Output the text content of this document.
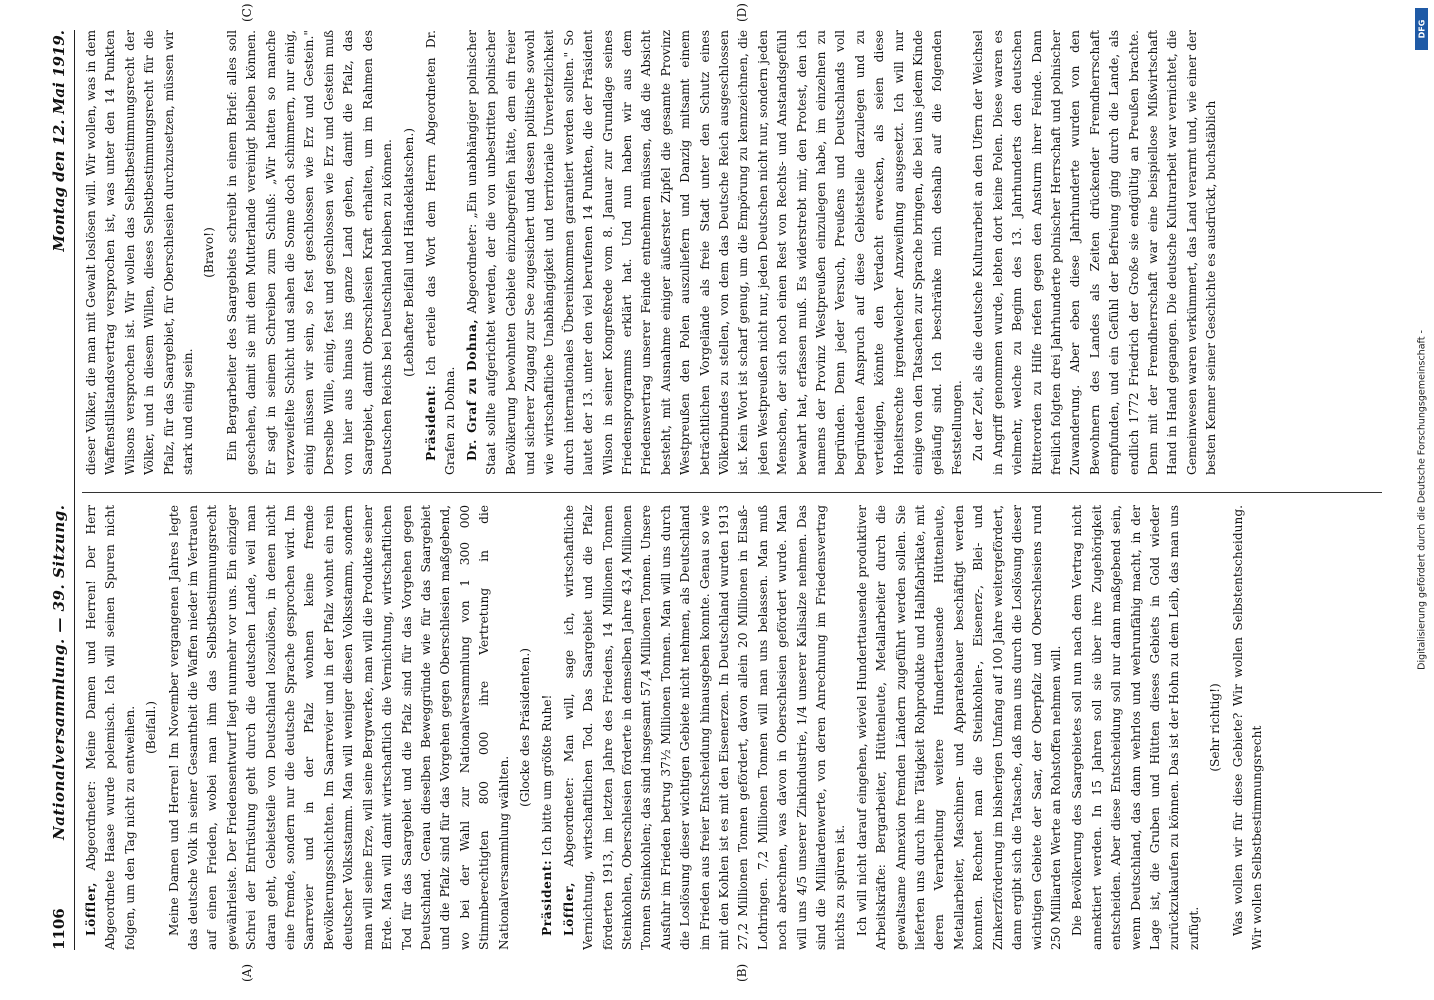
1106
Nationalversammlung. — 39. Sitzung.
Montag den 12. Mai 1919.
(A)	(B)
(C)	(D)

Löffler, Abgeordneter: Meine Damen und Herren! Der Herr Abgeordnete Haase wurde polemisch. Ich will seinen Spuren nicht folgen, um den Tag nicht zu entweihen. (Beifall.) Meine Damen und Herren! Im November vergangenen Jahres legte das deutsche Volk in seiner Gesamtheit die Waffen nieder im Vertrauen auf einen Frieden, wobei man ihm das Selbstbestimmungsrecht gewährleiste. Der Friedensentwurf liegt nunmehr vor uns. Ein einziger Schrei der Entrüstung geht durch die deutschen Lande, weil man daran geht, Gebietsteile von Deutschland loszulösen, in denen nicht eine fremde, sondern nur die deutsche Sprache gesprochen wird. Im Saarrevier und in der Pfalz wohnen keine fremde Bevölkerungsschichten. Im Saarrevier und in der Pfalz wohnt ein rein deutscher Volksstamm. Man will weniger diesen Volksstamm, sondern man will seine Erze, will seine Bergwerke, man will die Produkte seiner Erde. Man will damit wirtschaftlich die Vernichtung, wirtschaftlichen Tod für das Saargebiet und die Pfalz sind für das Vorgehen gegen Deutschland. Genau dieselben Beweggründe wie für das Saargebiet und die Pfalz sind für das Vorgehen gegen Oberschlesien maßgebend, wo bei der Wahl zur Nationalversammlung von 1 300 000 Stimmberechtigten 800 000 ihre Vertretung in die Nationalversammlung wählten.

(Glocke des Präsidenten.)

Präsident: Ich bitte um größte Ruhe!

Löffler, Abgeordneter: Man will, sage ich, wirtschaftliche Vernichtung, wirtschaftlichen Tod. Das Saargebiet und die Pfalz förderten 1913, im letzten Jahre des Friedens, 14 Millionen Tonnen Steinkohlen, Oberschlesien förderte in demselben Jahre 43,4 Millionen Tonnen Steinkohlen; das sind insgesamt 57,4 Millionen Tonnen. Unsere Ausfuhr im Frieden betrug 37½ Millionen Tonnen. Man will uns durch die Loslösung dieser wichtigen Gebiete nicht nehmen, als Deutschland im Frieden aus freier Entscheidung hinausgeben konnte. Genau so wie mit den Kohlen ist es mit den Eisenerzen. In Deutschland wurden 1913 27,2 Millionen Tonnen gefördert, davon allein 20 Millionen in Elsaß-Lothringen. 7,2 Millionen Tonnen will man uns belassen. Man muß noch abrechnen, was davon in Oberschlesien gefördert wurde. Man will uns 4/5 unserer Zinkindustrie, 1/4 unserer Kalisalze nehmen. Das sind die Milliardenwerte, von deren Anrechnung im Friedensvertrag nichts zu spüren ist. Ich will nicht darauf eingehen, wieviel Hunderttausende produktiver Arbeitskräfte: Bergarbeiter, Hüttenleute, Metallarbeiter durch die gewaltsame Annexion fremden Ländern zugeführt werden sollen. Sie lieferten uns durch ihre Tätigkeit Rohprodukte und Halbfabrikate, mit deren Verarbeitung weitere Hunderttausende Hüttenleute, Metallarbeiter, Maschinen- und Apparatebauer beschäftigt werden konnten. Rechnet man die Steinkohlen-, Eisenerz-, Blei- und Zinkerzförderung im bisherigen Umfang auf 100 Jahre weitergefördert, dann ergibt sich die Tatsache, daß man uns durch die Loslösung dieser wichtigen Gebiete der Saar, der Oberpfalz und Oberschlesiens rund 250 Milliarden Werte an Rohstoffen nehmen will. Die Bevölkerung des Saargebietes soll nun nach dem Vertrag nicht annektiert werden. In 15 Jahren soll sie über ihre Zugehörigkeit entscheiden. Aber diese Entscheidung soll nur dann maßgebend sein, wenn Deutschland, das dann wehrlos und wehrunfähig macht, in der Lage ist, die Gruben und Hütten dieses Gebiets in Gold wieder zurückzukaufen zu können. Das ist der Hohn zu dem Leib, das man uns zufügt.

(Sehr richtig!) Was wollen wir für diese Gebiete? Wir wollen Selbstentscheidung. Wir wollen Selbstbestimmungsrecht

dieser Völker, die man mit Gewalt loslösen will. Wir wollen, was in dem Waffenstillstandsvertrag versprochen ist, was unter den 14 Punkten Wilsons versprochen ist. Wir wollen das Selbstbestimmungsrecht der Völker, und in diesem Willen, dieses Selbstbestimmungsrecht für die Pfalz, für das Saargebiet, für Oberschlesien durchzusetzen, müssen wir stark und einig sein.

(Bravo!) Ein Bergarbeiter des Saargebiets schreibt in einem Brief: alles soll geschehen, damit sie mit dem Mutterlande vereinigt bleiben können. Er sagt in seinem Schreiben zum Schluß: „Wir hatten so manche verzweifelte Schicht und sahen die Sonne doch schimmern, nur einig, einig müssen wir sein, so fest geschlossen wie Erz und Gestein." Derselbe Wille, einig, fest und geschlossen wie Erz und Gestein muß von hier aus hinaus ins ganze Land gehen, damit die Pfalz, das Saargebiet, damit Oberschlesien Kraft erhalten, um im Rahmen des Deutschen Reichs bei Deutschland bleiben zu können. (Lebhafter Beifall und Händeklatschen.)

Präsident: Ich erteile das Wort dem Herrn Abgeordneten Dr. Grafen zu Dohna. Dr. Graf zu Dohna, Abgeordneter: „Ein unabhängiger polnischer Staat sollte aufgerichtet werden, der die von unbestritten polnischer Bevölkerung bewohnten Gebiete einzubegreifen hätte, dem ein freier und sicherer Zugang zur See zugesichert und dessen politische sowohl wie wirtschaftliche Unabhängigkeit und territoriale Unverletzlichkeit durch internationales Übereinkommen garantiert werden sollten." So lautet der 13. unter den viel berufenen 14 Punkten, die der Präsident Wilson in seiner Kongreßrede vom 8. Januar zur Grundlage seines Friedensprogramms erklärt hat. Und nun haben wir aus dem Friedensvertrag unserer Feinde entnehmen müssen, daß die Absicht besteht, mit Ausnahme einiger äußerster Zipfel die gesamte Provinz Westpreußen den Polen auszuliefern und Danzig mitsamt einem beträchtlichen Vorgelände als freie Stadt unter den Schutz eines Völkerbundes zu stellen, von dem das Deutsche Reich ausgeschlossen ist. Kein Wort ist scharf genug, um die Empörung zu kennzeichnen, die jeden Westpreußen nicht nur, jeden Deutschen nicht nur, sondern jeden Menschen, der sich noch einen Rest von Rechts- und Anstandsgefühl bewahrt hat, erfassen muß. Es widerstrebt mir, den Protest, den ich namens der Provinz Westpreußen einzulegen habe, im einzelnen zu begründen. Denn jeder Versuch, Preußens und Deutschlands voll begründeten Anspruch auf diese Gebietsteile darzulegen und zu verteidigen, könnte den Verdacht erwecken, als seien diese Hoheitsrechte irgendwelcher Anzweiflung ausgesetzt. Ich will nur einige von den Tatsachen zur Sprache bringen, die bei uns jedem Kinde geläufig sind. Ich beschränke mich deshalb auf die folgenden Feststellungen. Zu der Zeit, als die deutsche Kulturarbeit an den Ufern der Weichsel in Angriff genommen wurde, lebten dort keine Polen. Diese waren es vielmehr, welche zu Beginn des 13. Jahrhunderts den deutschen Ritterorden zu Hilfe riefen gegen den Ansturm ihrer Feinde. Dann freilich folgten drei Jahrhunderte polnischer Herrschaft und polnischer Zuwanderung. Aber eben diese Jahrhunderte wurden von den Bewohnern des Landes als Zeiten drückender Fremdherrschaft empfunden, und ein Gefühl der Befreiung ging durch die Lande, als endlich 1772 Friedrich der Große sie endgültig an Preußen brachte. Denn mit der Fremdherrschaft war eine beispiellose Mißwirtschaft Hand in Hand gegangen. Die deutsche Kulturarbeit war vernichtet, die Gemeinwesen waren verkümmert, das Land verarmt und, wie einer der besten Kenner seiner Geschichte es ausdrückt, buchstäblich

Digitalisierung gefördert durch die Deutsche Forschungsgemeinschaft -
DFG
